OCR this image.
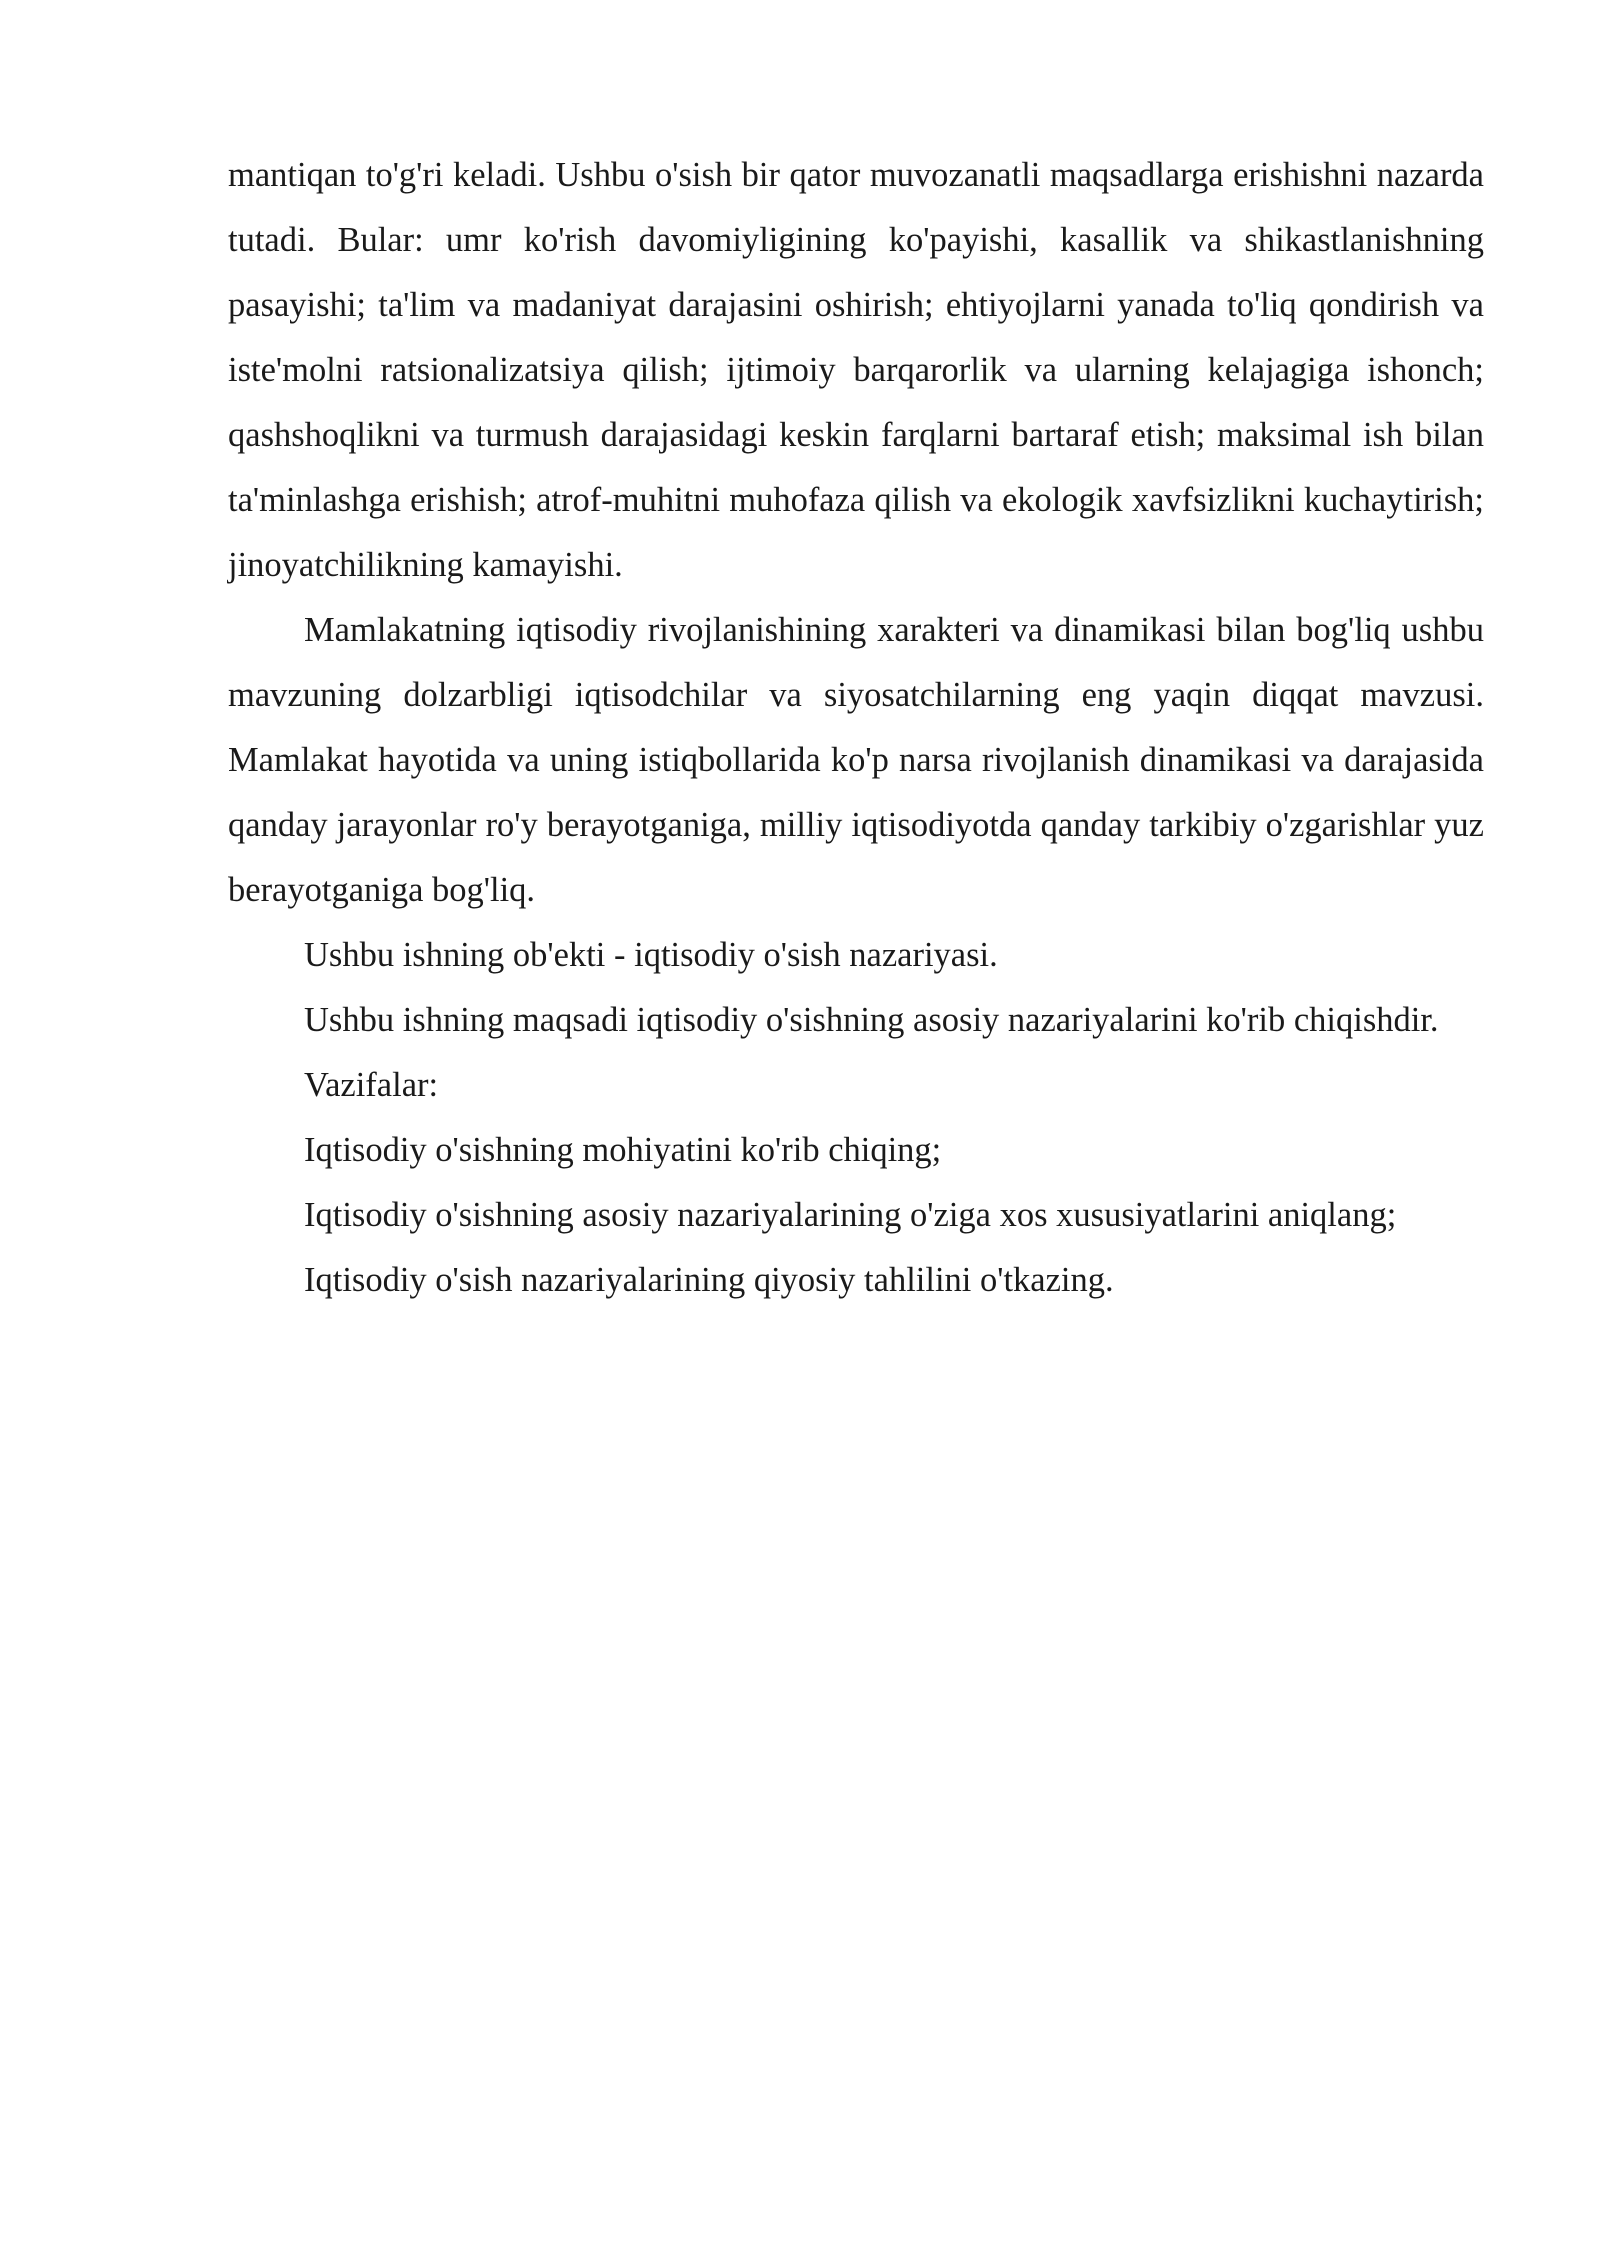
mantiqan to'g'ri keladi. Ushbu o'sish bir qator muvozanatli maqsadlarga erishishni nazarda tutadi. Bular: umr ko'rish davomiyligining ko'payishi, kasallik va shikastlanishning pasayishi; ta'lim va madaniyat darajasini oshirish; ehtiyojlarni yanada to'liq qondirish va iste'molni ratsionalizatsiya qilish; ijtimoiy barqarorlik va ularning kelajagiga ishonch; qashshoqlikni va turmush darajasidagi keskin farqlarni bartaraf etish; maksimal ish bilan ta'minlashga erishish; atrof-muhitni muhofaza qilish va ekologik xavfsizlikni kuchaytirish; jinoyatchilikning kamayishi.

Mamlakatning iqtisodiy rivojlanishining xarakteri va dinamikasi bilan bog'liq ushbu mavzuning dolzarbligi iqtisodchilar va siyosatchilarning eng yaqin diqqat mavzusi. Mamlakat hayotida va uning istiqbollarida ko'p narsa rivojlanish dinamikasi va darajasida qanday jarayonlar ro'y berayotganiga, milliy iqtisodiyotda qanday tarkibiy o'zgarishlar yuz berayotganiga bog'liq.

Ushbu ishning ob'ekti - iqtisodiy o'sish nazariyasi.

Ushbu ishning maqsadi iqtisodiy o'sishning asosiy nazariyalarini ko'rib chiqishdir.

Vazifalar:

Iqtisodiy o'sishning mohiyatini ko'rib chiqing;

Iqtisodiy o'sishning asosiy nazariyalarining o'ziga xos xususiyatlarini aniqlang;

Iqtisodiy o'sish nazariyalarining qiyosiy tahlilini o'tkazing.
